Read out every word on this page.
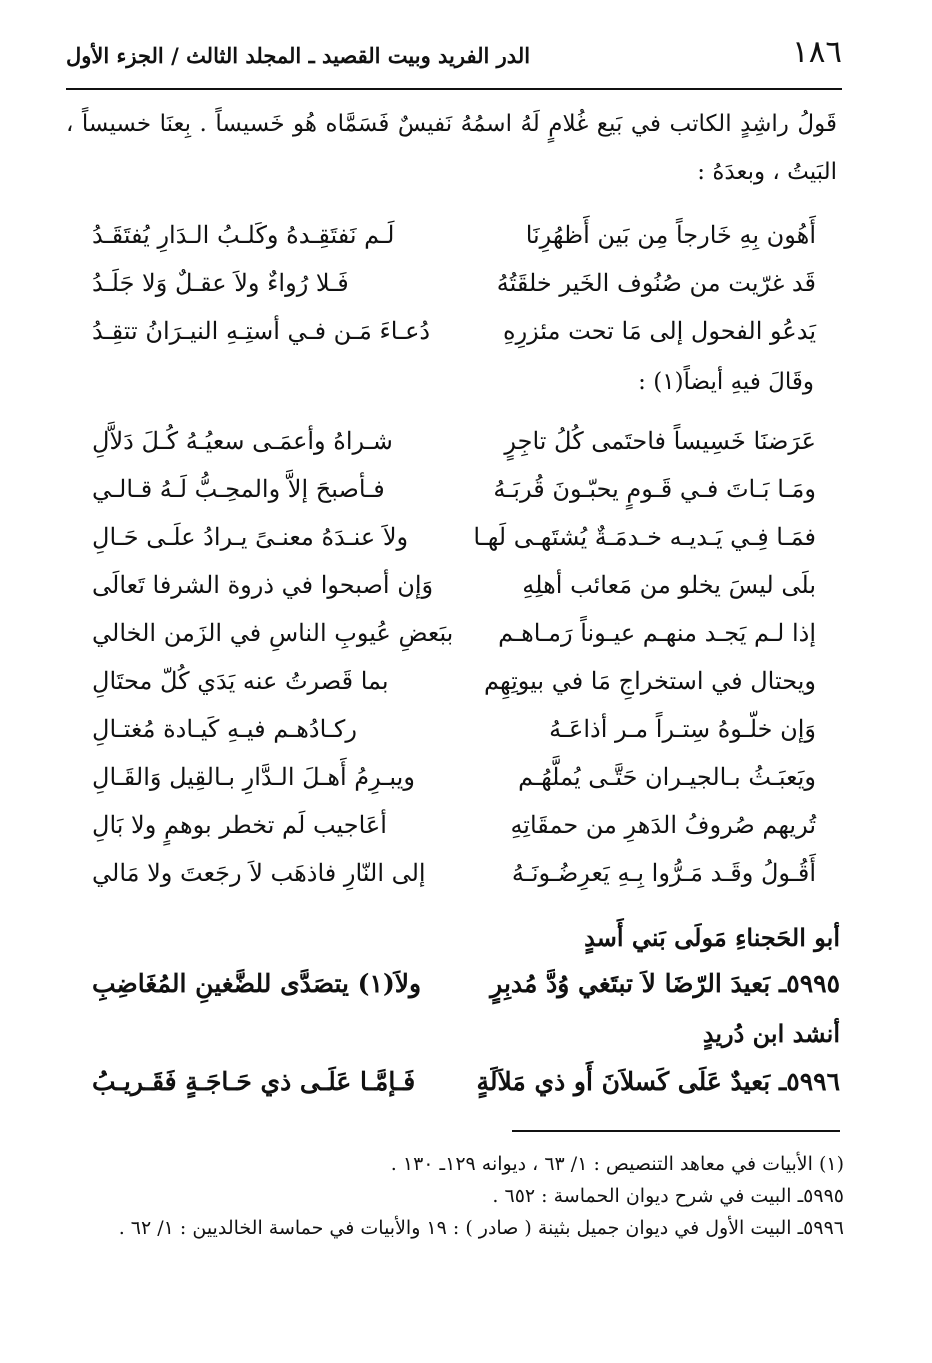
١٨٦
الدر الفريد وبيت القصيد ـ المجلد الثالث / الجزء الأول

قَولُ راشِدٍ الكاتب في بَيع غُلامٍ لَهُ اسمُهُ نَفيسٌ فَسَمَّاه هُو خَسيساً . بِعنَا خسيساً ، البَيتُ ، وبعدَهُ :

أَهُون بِهِ خَارجاً مِن بَين أَظهُرِنَا
لَـم نَفتَقِـدهُ وكَلـبُ الـدَارِ يُفتَقَـدُ
قَد غرّيت من صُنُوف الخَير خلقَتُهُ
فَـلا رُواءٌ ولاَ عقـلٌ وَلا جَلَـدُ
يَدعُو الفحول إلى مَا تحت مئزرِهِ
دُعـاءَ مَـن فـي أستِـهِ النيـرَانُ تتقِـدُ

وقَالَ فيهِ أيضاً(١) :

عَرَضنَا خَسِيساً فاحتَمى كُلُ تاجِرٍ
شـراهُ وأعمَـى سعيُـهُ كُـلَ دَلاَّلِ
ومَـا بَـاتَ فـي قَـومٍ يحبّـونَ قُربَـهُ
فـأصبحَ إلاَّ والمحِـبُّ لَـهُ قـالـي
فمَـا فِـي يَـديـه خـدمَـةٌ يُشتَهـى لَهـا
ولاَ عنـدَهُ معنـىً يـرادُ علَـى حَـالِ
بلَى ليسَ يخلو من مَعائب أهلِهِ
وَإن أصبحوا في ذروة الشرفا تَعالَى
إذا لـم يَجـد منهـم عيـوناً رَمـاهـم
ببَعضِ عُيوبِ الناسِ في الزَمن الخالي
ويحتال في استخراجِ مَا في بيوتِهِم
بما قَصرتُ عنه يَدَي كُلّ محتَالِ
وَإن خلّـوهُ سِتـراً مـر أذاعَـهُ
ركـادُهـم فيـهِ كَيـادة مُغتـالِ
ويَعبَـثُ بـالجيـران حَتَّـى يُملَّهُـم
ويبـرِمُ أَهـلَ الـدَّارِ بـالقِيل وَالقَـالِ
تُريهم صُروفُ الدَهرِ من حمقَاتِهِ
أعَاجيب لَم تخطر بوهمٍ ولا بَالِ
أَقُـولُ وقَـد مَـرُّوا بِـهِ يَعرِضُـونَـهُ
إلى النّارِ فاذهَب لاَ رجَعتَ ولا مَالي

أبو الحَجناءِ مَولَى بَني أَسدٍ

٥٩٩٥ـ بَعيدَ الرّضَا لاَ تبتَغي وُدَّ مُدبِرٍ
ولاَ(١) يتصَدَّى للضَّغينِ المُغَاضِبِ

أنشد ابن دُريدٍ

٥٩٩٦ـ بَعيدٌ عَلَى كَسلاَنَ أَو ذي مَلاَلَةٍ
فَـإمَّـا عَلَـى ذي حَـاجَـةٍ فَقَـريـبُ

(١) الأبيات في معاهد التنصيص : ١/ ٦٣ ، ديوانه ١٢٩ـ ١٣٠ .

٥٩٩٥ـ البيت في شرح ديوان الحماسة : ٦٥٢ .

٥٩٩٦ـ البيت الأول في ديوان جميل بثينة ( صادر ) : ١٩ والأبيات في حماسة الخالديين : ١/ ٦٢ .
